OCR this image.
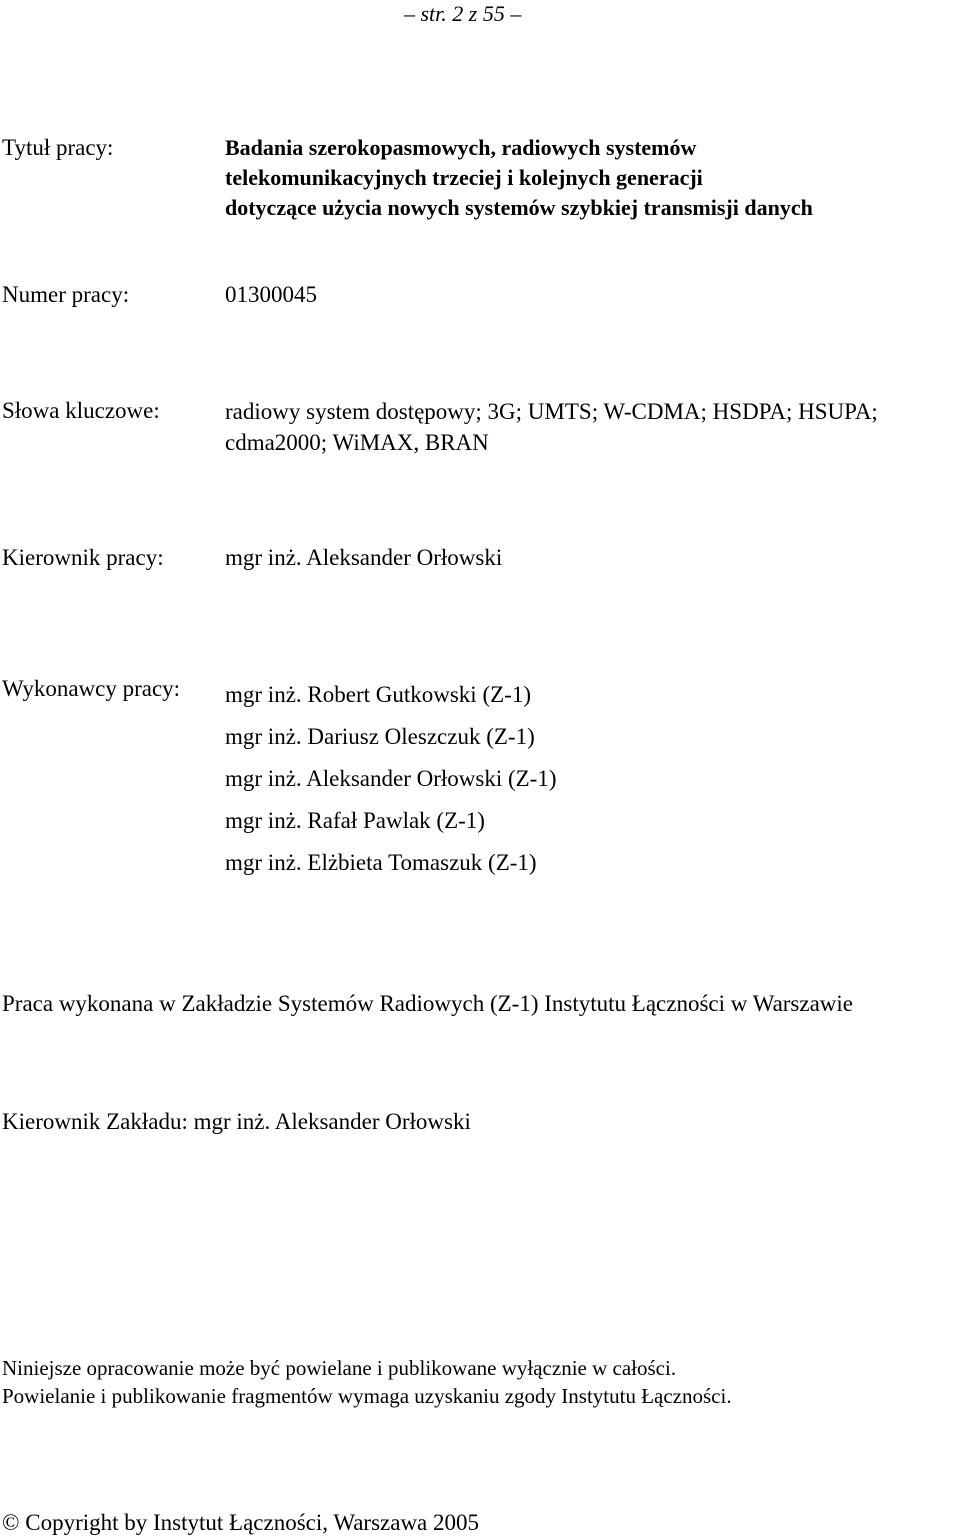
– str. 2 z 55 –
Tytuł pracy:	Badania szerokopasmowych, radiowych systemów
telekomunikacyjnych trzeciej i kolejnych generacji
dotyczące użycia nowych systemów szybkiej transmisji danych
Numer pracy:	01300045
Słowa kluczowe:	radiowy system dostępowy; 3G; UMTS; W-CDMA; HSDPA; HSUPA;
cdma2000; WiMAX, BRAN
Kierownik pracy:	mgr inż. Aleksander Orłowski
Wykonawcy pracy: mgr inż. Robert Gutkowski (Z-1)
mgr inż. Dariusz Oleszczuk (Z-1)
mgr inż. Aleksander Orłowski (Z-1)
mgr inż. Rafał Pawlak (Z-1)
mgr inż. Elżbieta Tomaszuk (Z-1)
Praca wykonana w Zakładzie Systemów Radiowych (Z-1) Instytutu Łączności w Warszawie
Kierownik Zakładu: mgr inż. Aleksander Orłowski
Niniejsze opracowanie może być powielane i publikowane wyłącznie w całości.
Powielanie i publikowanie fragmentów wymaga uzyskaniu zgody Instytutu Łączności.
© Copyright by Instytut Łączności, Warszawa 2005
